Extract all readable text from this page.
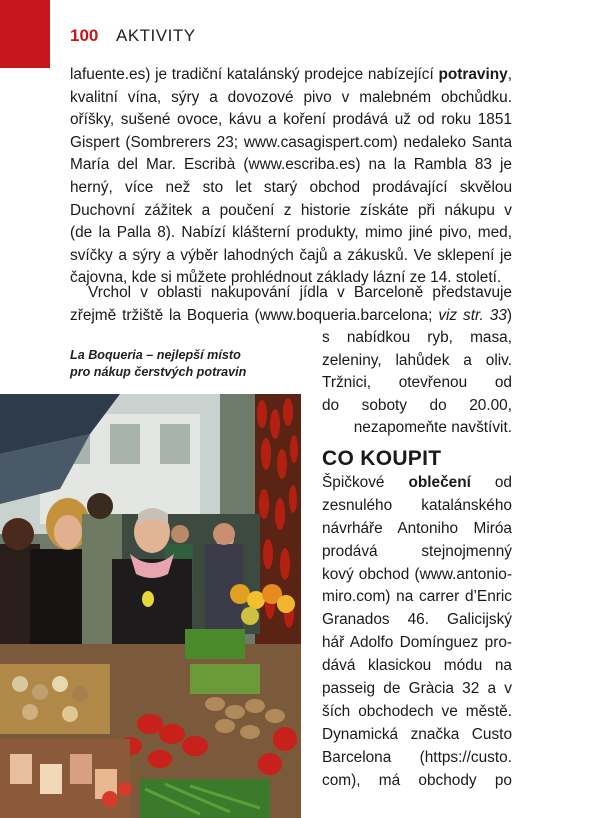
100 AKTIVITY
lafuente.es) je tradiční katalánský prodejce nabízející potraviny,
kvalitní vína, sýry a dovozové pivo v malebném obchůdku.
oříšky, sušené ovoce, kávu a koření prodává už od roku 1851
Gispert (Sombrerers 23; www.casagispert.com) nedaleko Santa
María del Mar. Escribà (www.escriba.es) na la Rambla 83 je
herný, více než sto let starý obchod prodávající skvělou
Duchovní zážitek a poučení z historie získáte při nákupu v
(de la Palla 8). Nabízí klášterní produkty, mimo jiné pivo, med,
svíčky a sýry a výběr lahodných čajů a zákusků. Ve sklepení je
čajovna, kde si můžete prohlédnout základy lázní ze 14. století.
Vrchol v oblasti nakupování jídla v Barceloně představuje
zřejmě tržiště la Boqueria (www.boqueria.barcelona; viz str. 33)
s nabídkou ryb, masa,
zeleniny, lahůdek a oliv.
Tržnici, otevřenou od
do soboty do 20.00,
nezapomeňte navštívit.
La Boqueria – nejlepší místo
pro nákup čerstvých potravin
CO KOUPIT
Špičkové oblečení od
zesnulého katalánského
návrháře Antoniho Miróa
prodává stejnojmenný
kový obchod (www.antonio-
miro.com) na carrer d’Enric
Granados 46. Galicijský
hář Adolfo Domínguez pro-
dává klasickou módu na
passeig de Gràcia 32 a v
ších obchodech ve městě.
Dynamická značka Custo
Barcelona (https://custo.
com), má obchody po
